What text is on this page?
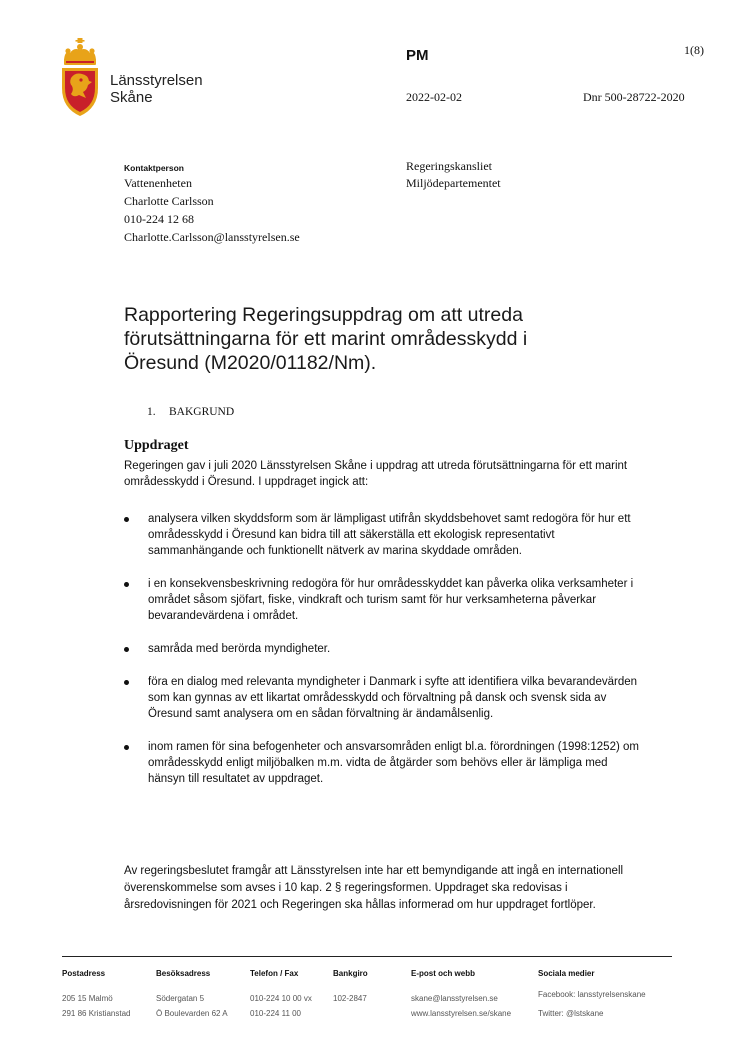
Länsstyrelsen
Skåne
PM	1(8)
2022-02-02	Dnr 500-28722-2020
Kontaktperson
Vattenenheten
Charlotte Carlsson
010-224 12 68
Charlotte.Carlsson@lansstyrelsen.se
Regeringskansliet
Miljödepartementet
Rapportering Regeringsuppdrag om att utreda förutsättningarna för ett marint områdesskydd i Öresund (M2020/01182/Nm).
1. BAKGRUND
Uppdraget
Regeringen gav i juli 2020 Länsstyrelsen Skåne i uppdrag att utreda förutsättningarna för ett marint områdesskydd i Öresund. I uppdraget ingick att:
analysera vilken skyddsform som är lämpligast utifrån skyddsbehovet samt redogöra för hur ett områdesskydd i Öresund kan bidra till att säkerställa ett ekologisk representativt sammanhängande och funktionellt nätverk av marina skyddade områden.
i en konsekvensbeskrivning redogöra för hur områdesskyddet kan påverka olika verksamheter i området såsom sjöfart, fiske, vindkraft och turism samt för hur verksamheterna påverkar bevarandevärdena i området.
samråda med berörda myndigheter.
föra en dialog med relevanta myndigheter i Danmark i syfte att identifiera vilka bevarandevärden som kan gynnas av ett likartat områdesskydd och förvaltning på dansk och svensk sida av Öresund samt analysera om en sådan förvaltning är ändamålsenlig.
inom ramen för sina befogenheter och ansvarsområden enligt bl.a. förordningen (1998:1252) om områdesskydd enligt miljöbalken m.m. vidta de åtgärder som behövs eller är lämpliga med hänsyn till resultatet av uppdraget.
Av regeringsbeslutet framgår att Länsstyrelsen inte har ett bemyndigande att ingå en internationell överenskommelse som avses i 10 kap. 2 § regeringsformen. Uppdraget ska redovisas i årsredovisningen för 2021 och Regeringen ska hållas informerad om hur uppdraget fortlöper.
Postadress
205 15 Malmö
291 86 Kristianstad
Besöksadress
Södergatan 5
Ö Boulevarden 62 A
Telefon / Fax
010-224 10 00 vx
010-224 11 00
Bankgiro
102-2847
E-post och webb
skane@lansstyrelsen.se
www.lansstyrelsen.se/skane
Sociala medier
Facebook: lansstyrelsenskane
Twitter: @lstskane
